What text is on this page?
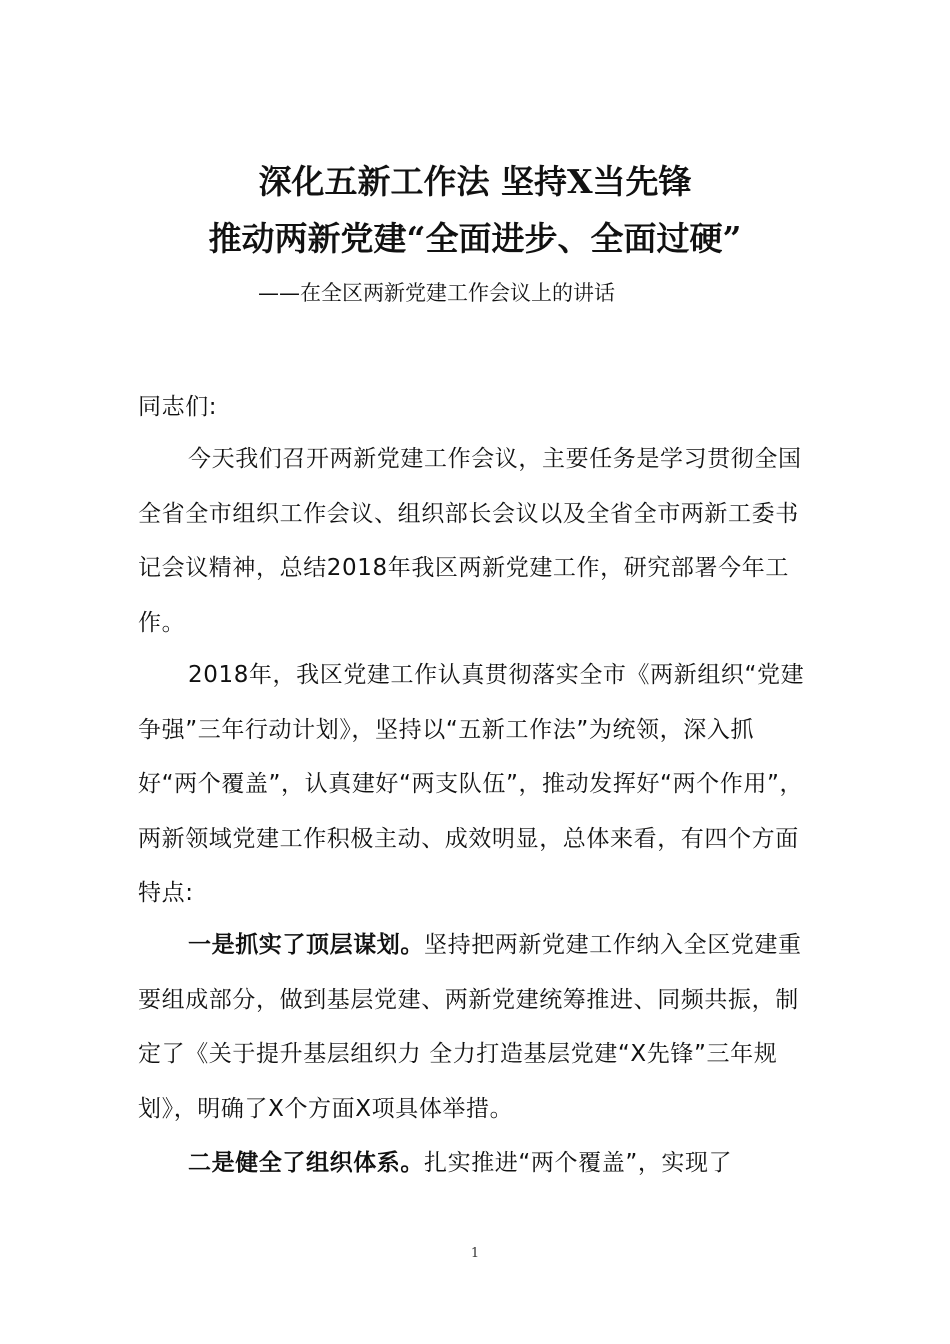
深化五新工作法 坚持X当先锋
推动两新党建“全面进步、全面过硬”
——在全区两新党建工作会议上的讲话

同志们:

今天我们召开两新党建工作会议，主要任务是学习贯彻全国全省全市组织工作会议、组织部长会议以及全省全市两新工委书记会议精神，总结2018年我区两新党建工作，研究部署今年工作。

2018年，我区党建工作认真贯彻落实全市《两新组织“党建争强”三年行动计划》，坚持以“五新工作法”为统领，深入抓好“两个覆盖”，认真建好“两支队伍”，推动发挥好“两个作用”，两新领域党建工作积极主动、成效明显，总体来看，有四个方面特点:

一是抓实了顶层谋划。坚持把两新党建工作纳入全区党建重要组成部分，做到基层党建、两新党建统筹推进、同频共振，制定了《关于提升基层组织力 全力打造基层党建“X先锋”三年规划》，明确了X个方面X项具体举措。

二是健全了组织体系。扎实推进“两个覆盖”，实现了

1
